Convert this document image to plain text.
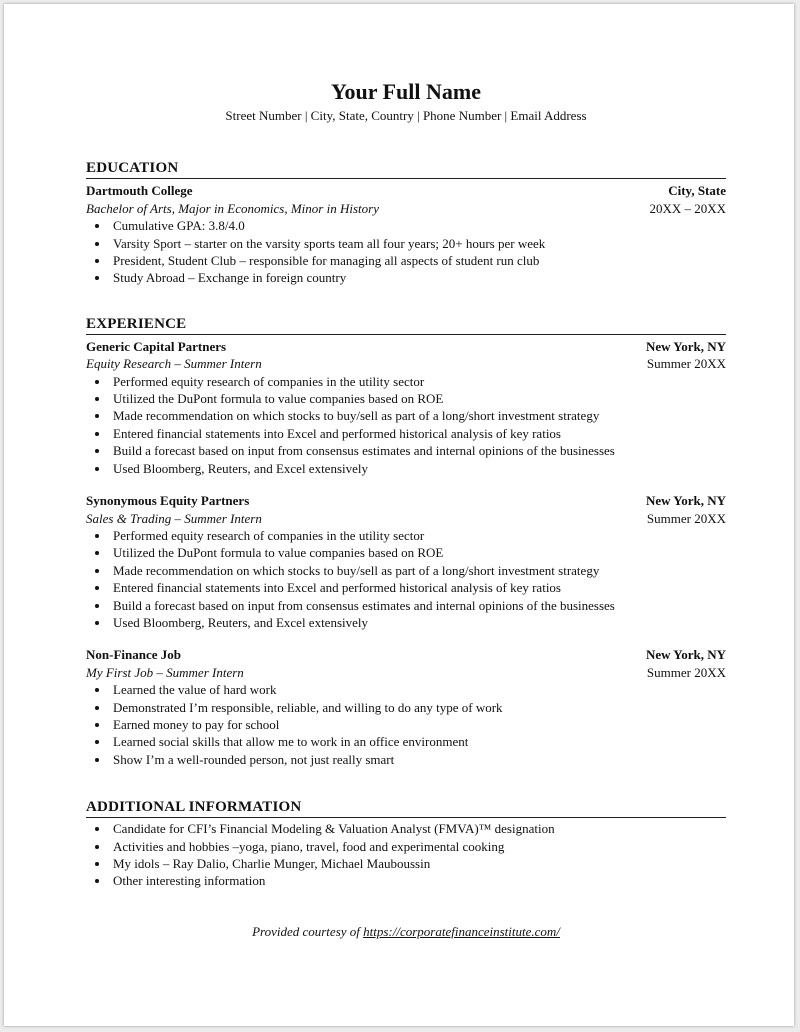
Your Full Name
Street Number | City, State, Country | Phone Number | Email Address
EDUCATION
Dartmouth College	City, State
Bachelor of Arts, Major in Economics, Minor in History	20XX – 20XX
Cumulative GPA: 3.8/4.0
Varsity Sport – starter on the varsity sports team all four years; 20+ hours per week
President, Student Club – responsible for managing all aspects of student run club
Study Abroad – Exchange in foreign country
EXPERIENCE
Generic Capital Partners	New York, NY
Equity Research – Summer Intern	Summer 20XX
Performed equity research of companies in the utility sector
Utilized the DuPont formula to value companies based on ROE
Made recommendation on which stocks to buy/sell as part of a long/short investment strategy
Entered financial statements into Excel and performed historical analysis of key ratios
Build a forecast based on input from consensus estimates and internal opinions of the businesses
Used Bloomberg, Reuters, and Excel extensively
Synonymous Equity Partners	New York, NY
Sales & Trading – Summer Intern	Summer 20XX
Performed equity research of companies in the utility sector
Utilized the DuPont formula to value companies based on ROE
Made recommendation on which stocks to buy/sell as part of a long/short investment strategy
Entered financial statements into Excel and performed historical analysis of key ratios
Build a forecast based on input from consensus estimates and internal opinions of the businesses
Used Bloomberg, Reuters, and Excel extensively
Non-Finance Job	New York, NY
My First Job – Summer Intern	Summer 20XX
Learned the value of hard work
Demonstrated I’m responsible, reliable, and willing to do any type of work
Earned money to pay for school
Learned social skills that allow me to work in an office environment
Show I’m a well-rounded person, not just really smart
ADDITIONAL INFORMATION
Candidate for CFI’s Financial Modeling & Valuation Analyst (FMVA)™ designation
Activities and hobbies –yoga, piano, travel, food and experimental cooking
My idols – Ray Dalio, Charlie Munger, Michael Mauboussin
Other interesting information
Provided courtesy of https://corporatefinanceinstitute.com/
